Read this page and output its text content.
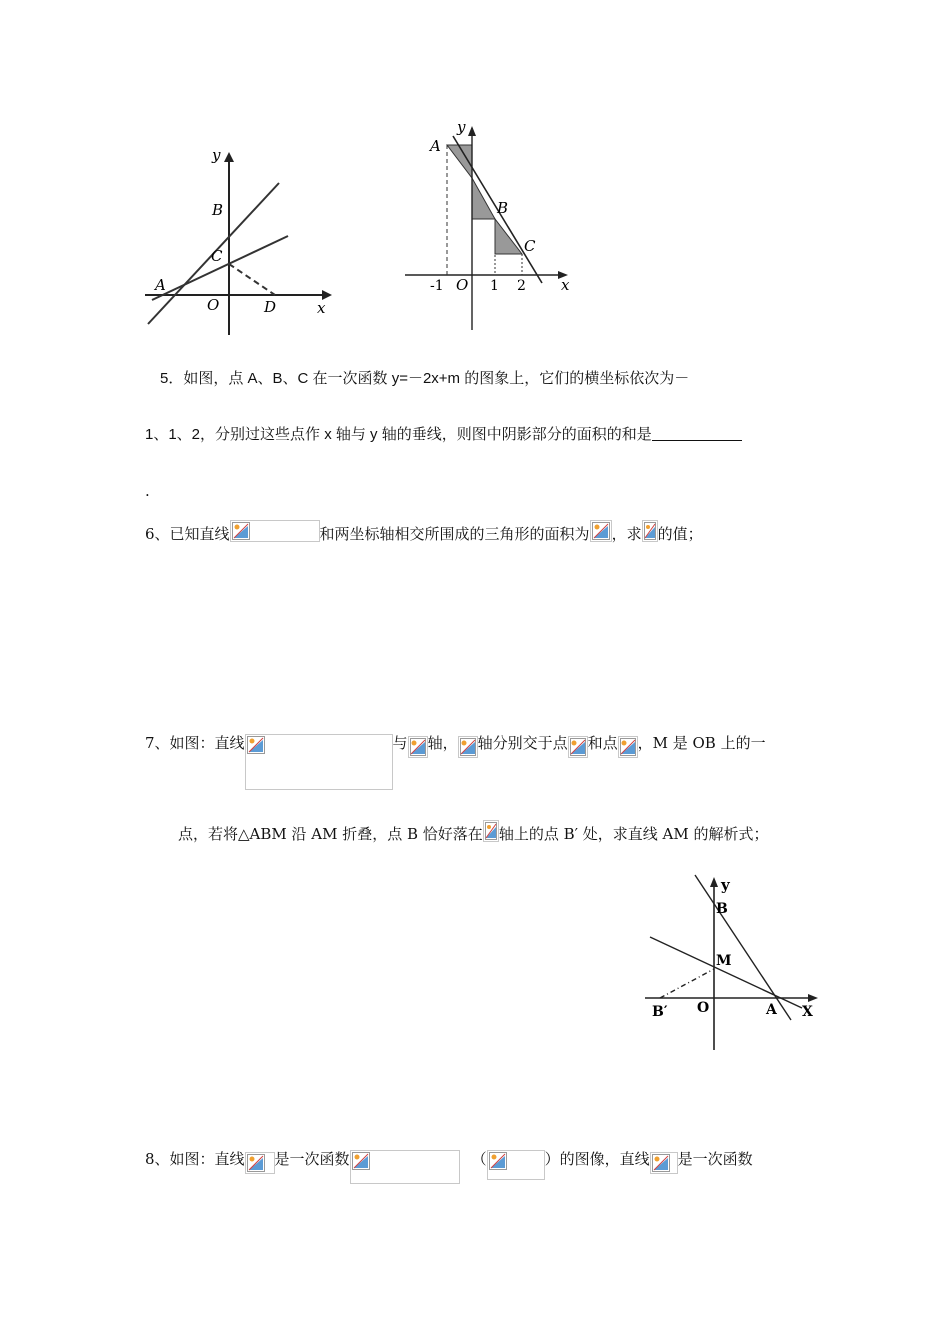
y
B
C
A
O	D	x
A
y
B
C
-1 O 1 2 x
5．如图，点 A、B、C 在一次函数 y=－2x+m 的图象上，它们的横坐标依次为－
1、1、2，分别过这些点作 x 轴与 y 轴的垂线，则图中阴影部分的面积的和是
.
6、已知直线	和两坐标轴相交所围成的三角形的面积为 ，求 的值；
7、如图：直线	与 轴， 轴分别交于点 和点 ，M 是 OB 上的一
点，若将△ABM 沿 AM 折叠，点 B 恰好落在 轴上的点 B′ 处，求直线 AM 的解析式；
y
B
M
O
B′	A X
8、如图：直线 是一次函数	（	）的图像，直线 是一次函数
